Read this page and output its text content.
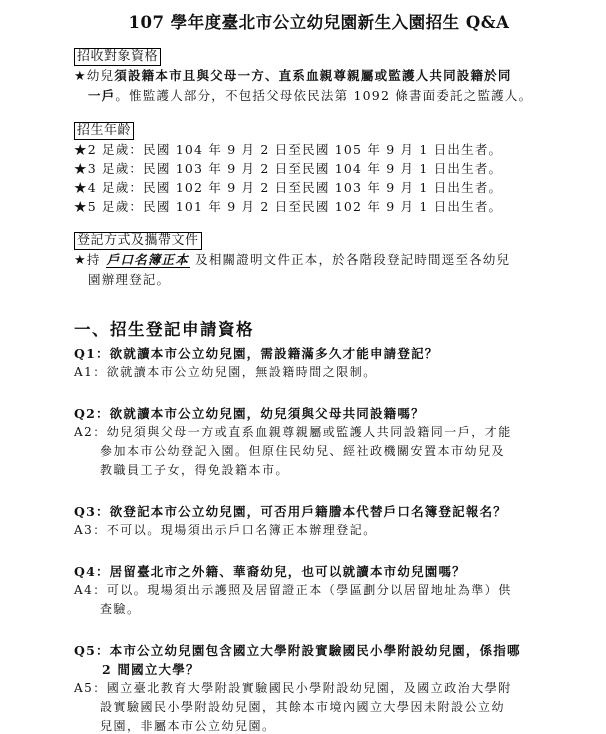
107 學年度臺北市公立幼兒園新生入園招生 Q&A
招收對象資格
★幼兒須設籍本市且與父母一方、直系血親尊親屬或監護人共同設籍於同
一戶。惟監護人部分，不包括父母依民法第 1092 條書面委託之監護人。
招生年齡
★2 足歲：民國 104 年 9 月 2 日至民國 105 年 9 月 1 日出生者。
★3 足歲：民國 103 年 9 月 2 日至民國 104 年 9 月 1 日出生者。
★4 足歲：民國 102 年 9 月 2 日至民國 103 年 9 月 1 日出生者。
★5 足歲：民國 101 年 9 月 2 日至民國 102 年 9 月 1 日出生者。
登記方式及攜帶文件
★持 戶口名簿正本 及相關證明文件正本，於各階段登記時間逕至各幼兒
園辦理登記。
一、招生登記申請資格
Q1：欲就讀本市公立幼兒園，需設籍滿多久才能申請登記？
A1：欲就讀本市公立幼兒園，無設籍時間之限制。
Q2：欲就讀本市公立幼兒園，幼兒須與父母共同設籍嗎？
A2：幼兒須與父母一方或直系血親尊親屬或監護人共同設籍同一戶，才能
參加本市公幼登記入園。但原住民幼兒、經社政機關安置本市幼兒及
教職員工子女，得免設籍本市。
Q3：欲登記本市公立幼兒園，可否用戶籍謄本代替戶口名簿登記報名？
A3：不可以。現場須出示戶口名簿正本辦理登記。
Q4：居留臺北市之外籍、華裔幼兒，也可以就讀本市幼兒園嗎？
A4：可以。現場須出示護照及居留證正本（學區劃分以居留地址為準）供
查驗。
Q5：本市公立幼兒園包含國立大學附設實驗國民小學附設幼兒園，係指哪
2 間國立大學？
A5：國立臺北教育大學附設實驗國民小學附設幼兒園，及國立政治大學附
設實驗國民小學附設幼兒園，其餘本市境內國立大學因未附設公立幼
兒園，非屬本市公立幼兒園。
